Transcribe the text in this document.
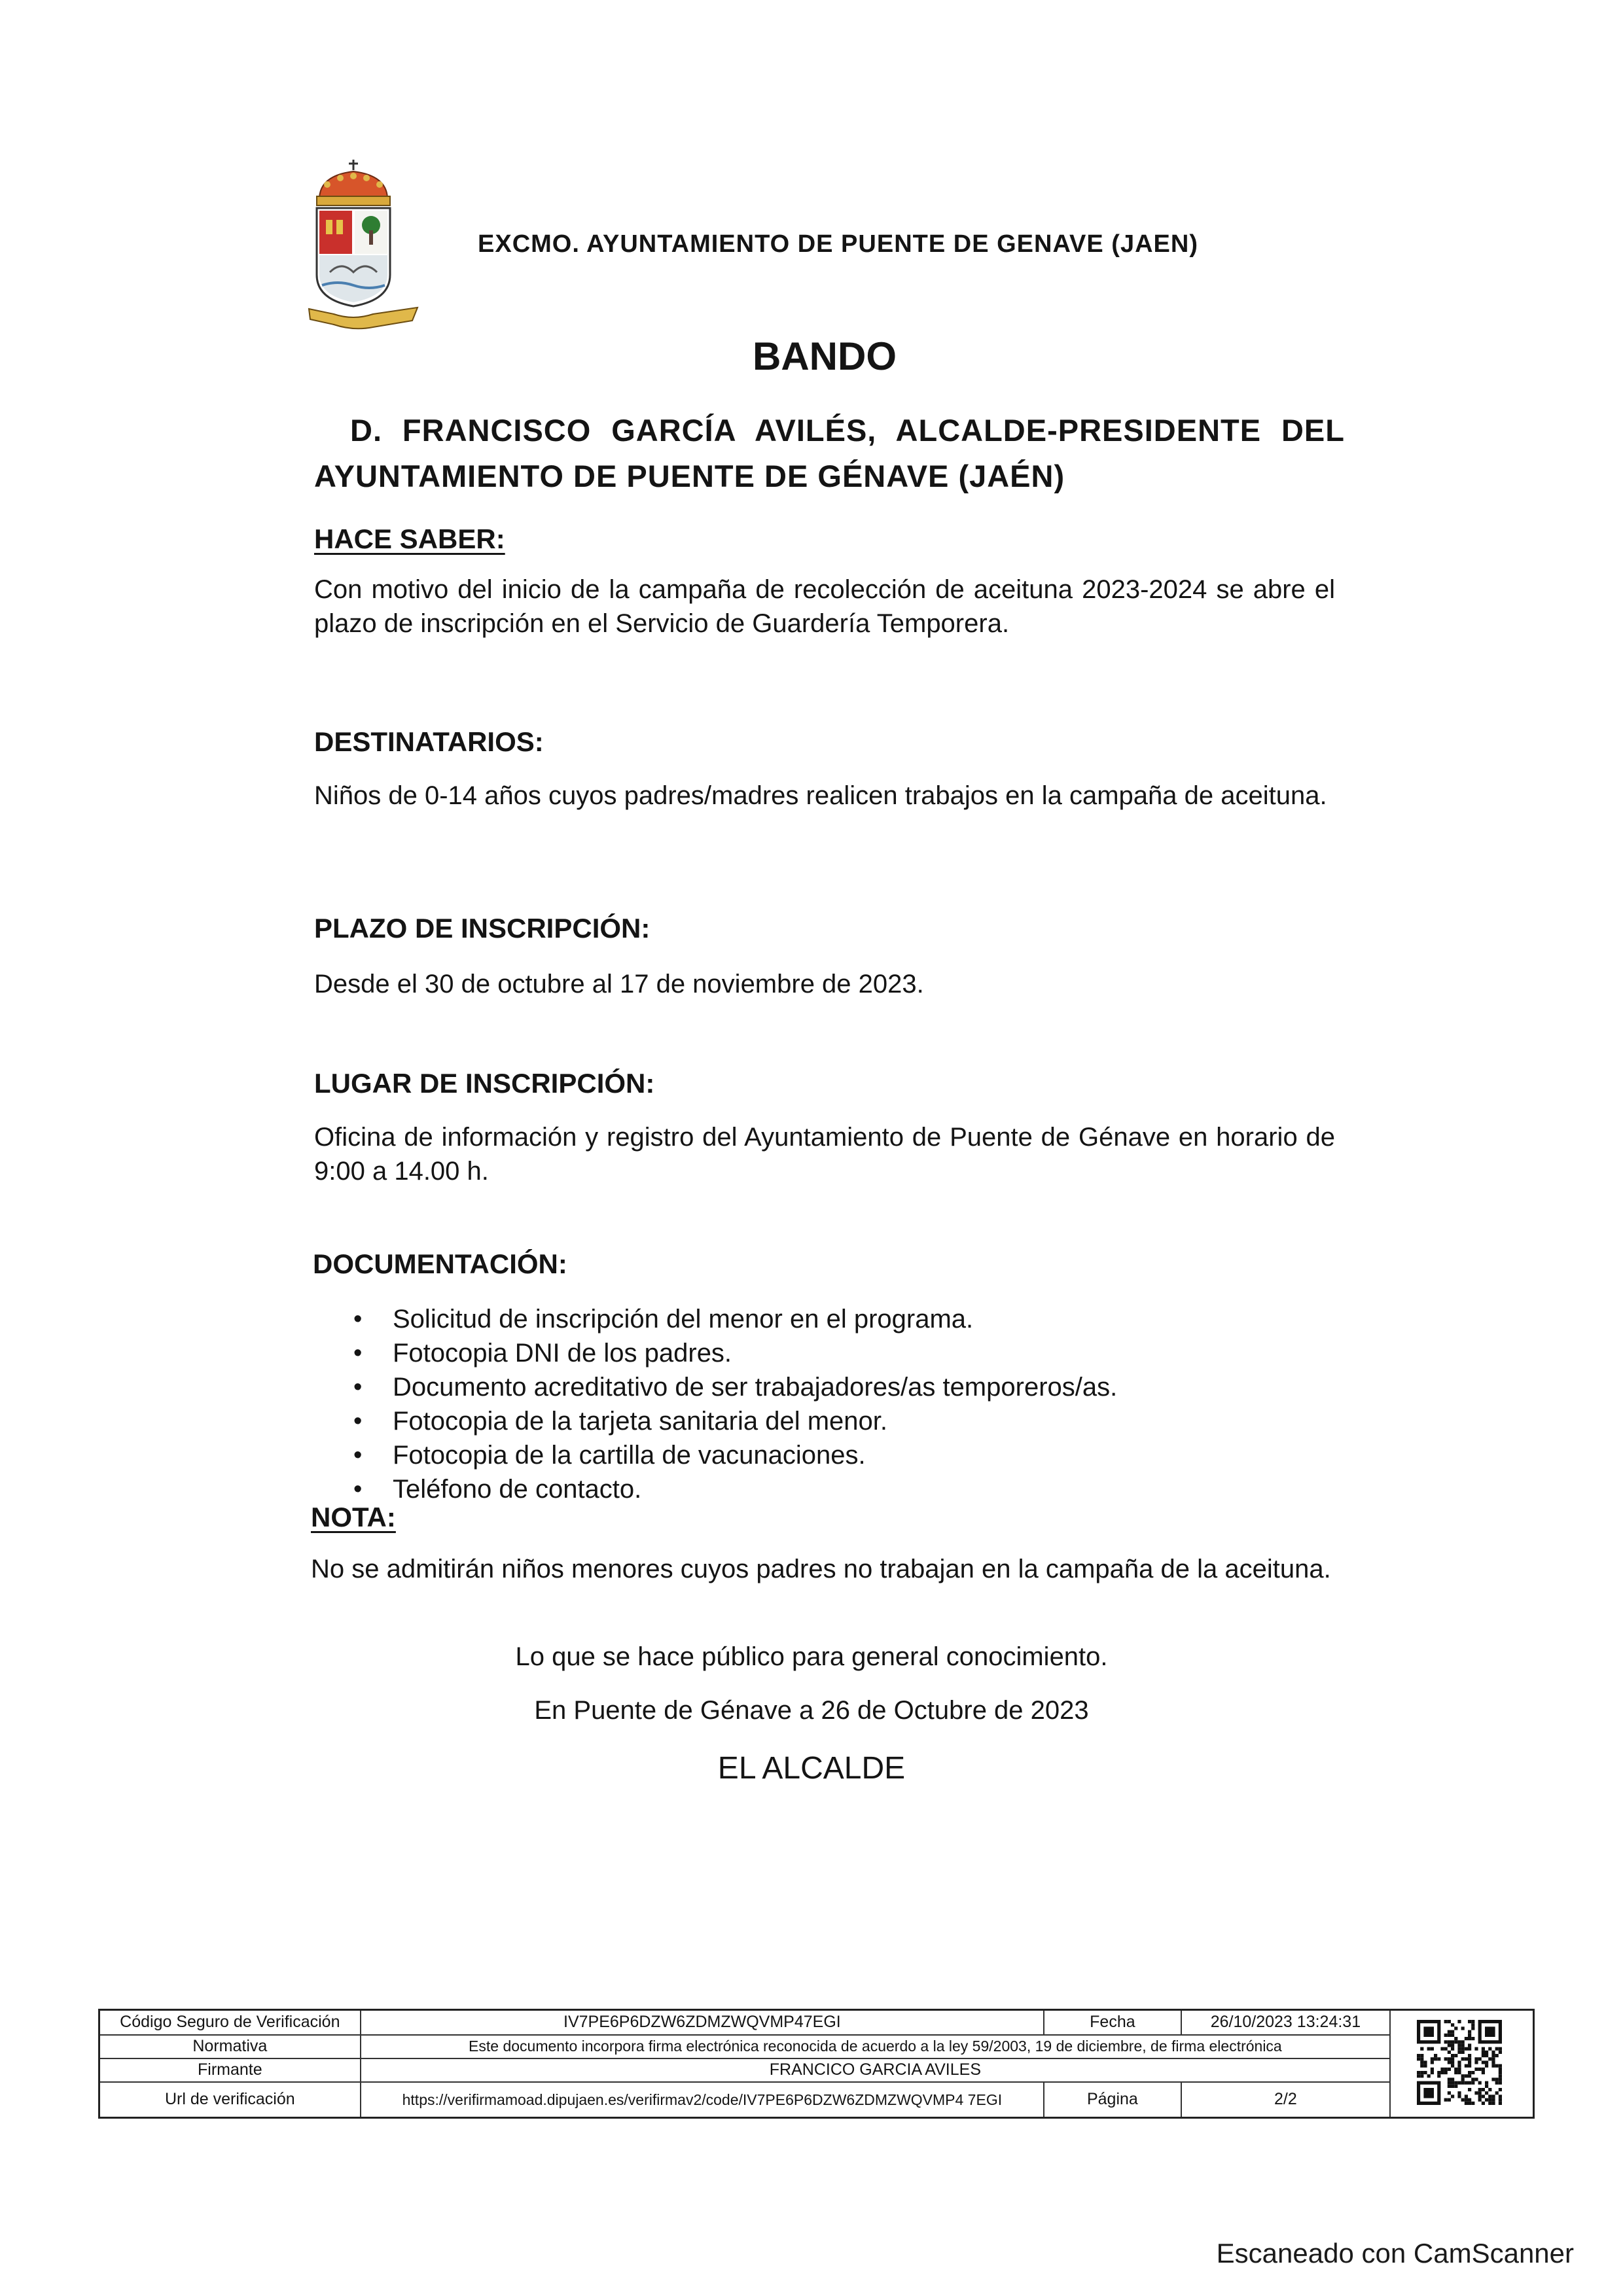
EXCMO. AYUNTAMIENTO DE PUENTE DE GENAVE (JAEN)
BANDO
D. FRANCISCO GARCÍA AVILÉS, ALCALDE-PRESIDENTE DEL
AYUNTAMIENTO DE PUENTE DE GÉNAVE (JAÉN)
HACE SABER:
Con motivo del inicio de la campaña de recolección de aceituna 2023-2024 se abre el plazo de inscripción en el Servicio de Guardería Temporera.
DESTINATARIOS:
Niños de 0-14 años cuyos padres/madres realicen trabajos en la campaña de aceituna.
PLAZO DE INSCRIPCIÓN:
Desde el 30 de octubre al 17 de noviembre de 2023.
LUGAR DE INSCRIPCIÓN:
Oficina de información y registro del Ayuntamiento de Puente de Génave en horario de 9:00 a 14.00 h.
DOCUMENTACIÓN:
• Solicitud de inscripción del menor en el programa.
• Fotocopia DNI de los padres.
• Documento acreditativo de ser trabajadores/as temporeros/as.
• Fotocopia de la tarjeta sanitaria del menor.
• Fotocopia de la cartilla de vacunaciones.
• Teléfono de contacto.
NOTA:
No se admitirán niños menores cuyos padres no trabajan en la campaña de la aceituna.
Lo que se hace público para general conocimiento.
En Puente de Génave a 26 de Octubre de 2023
EL ALCALDE
Código Seguro de Verificación	IV7PE6P6DZW6ZDMZWQVMP47EGI	Fecha	26/10/2023 13:24:31	
Normativa	Este documento incorpora firma electrónica reconocida de acuerdo a la ley 59/2003, 19 de diciembre, de firma electrónica			
Firmante	FRANCICO GARCIA AVILES			
Url de verificación	https://verifirmamoad.dipujaen.es/verifirmav2/code/IV7PE6P6DZW6ZDMZWQVMP4 7EGI	Página	2/2	
Escaneado con CamScanner
